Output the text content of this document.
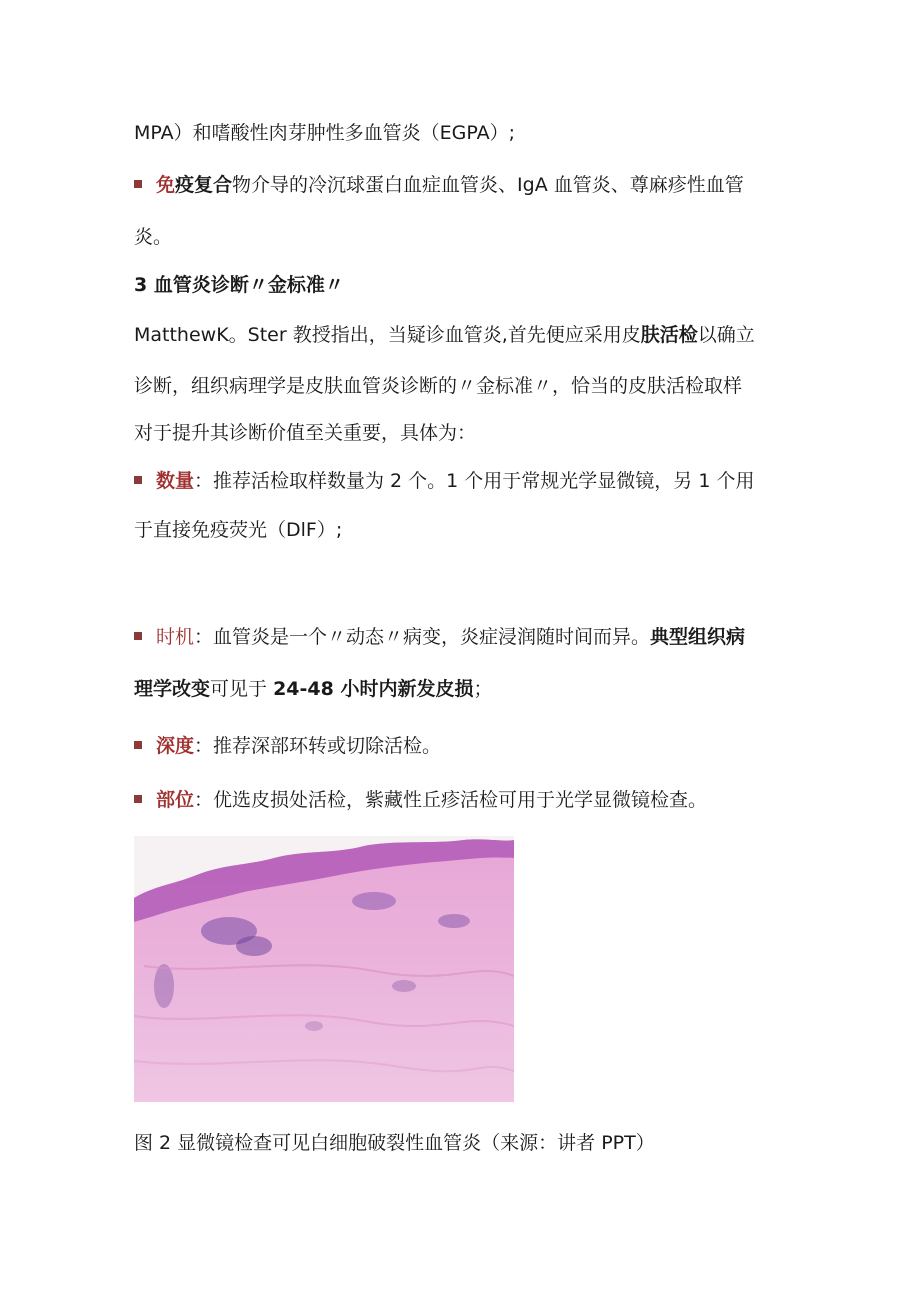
MPA）和嗜酸性肉芽肿性多血管炎（EGPA）;
免疫复合物介导的冷沉球蛋白血症血管炎、IgA 血管炎、尊麻疹性血管
炎。
3 血管炎诊断〃金标准〃
MatthewK。Ster 教授指出，当疑诊血管炎,首先便应采用皮肤活检以确立
诊断，组织病理学是皮肤血管炎诊断的〃金标准〃，恰当的皮肤活检取样
对于提升其诊断价值至关重要，具体为：
数量：推荐活检取样数量为 2 个。1 个用于常规光学显微镜，另 1 个用
于直接免疫荧光（DlF）;
时机：血管炎是一个〃动态〃病变，炎症浸润随时间而异。典型组织病
理学改变可见于 24-48 小时内新发皮损；
深度：推荐深部环转或切除活检。
部位：优选皮损处活检，紫藏性丘疹活检可用于光学显微镜检查。
图 2 显微镜检查可见白细胞破裂性血管炎（来源：讲者 PPT）
